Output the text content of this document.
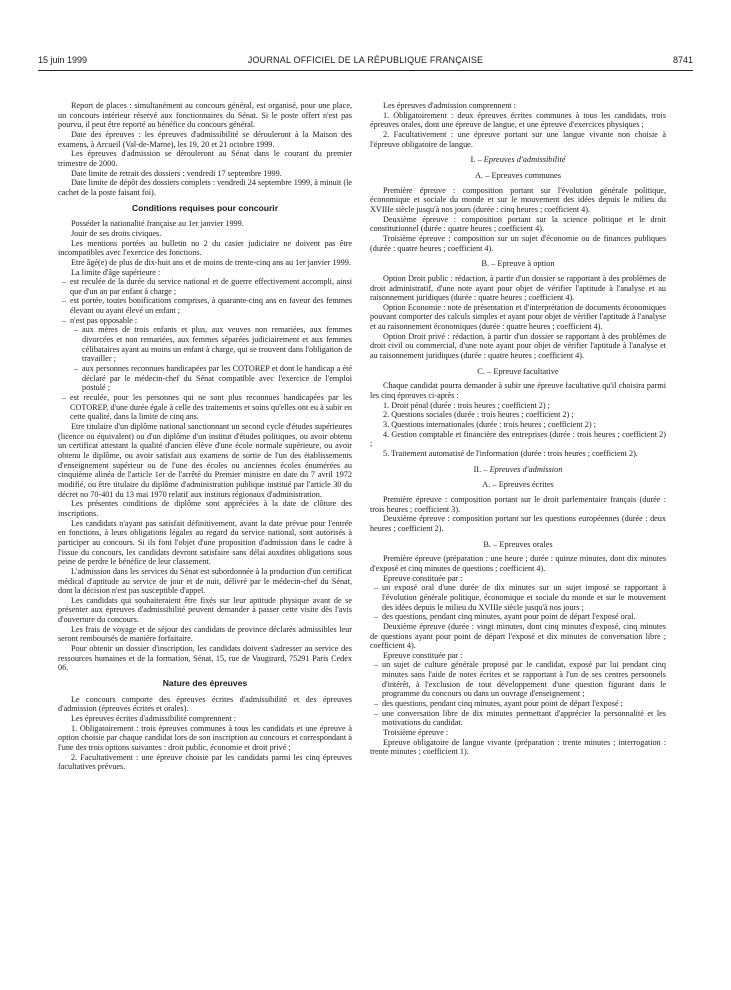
15 juin 1999	JOURNAL OFFICIEL DE LA RÉPUBLIQUE FRANÇAISE	8741

Report de places : simultanément au concours général, est organisé, pour une place, un concours intérieur réservé aux fonctionnaires du Sénat. Si le poste offert n'est pas pourvu, il peut être reporté au bénéfice du concours général.

Date des épreuves : les épreuves d'admissibilité se dérouleront à la Maison des examens, à Arcueil (Val-de-Marne), les 19, 20 et 21 octobre 1999.

Les épreuves d'admission se dérouleront au Sénat dans le courant du premier trimestre de 2000.

Date limite de retrait des dossiers : vendredi 17 septembre 1999.

Date limite de dépôt des dossiers complets : vendredi 24 septembre 1999, à minuit (le cachet de la poste faisant foi).

Conditions requises pour concourir

Posséder la nationalité française au 1er janvier 1999.

Jouir de ses droits civiques.

Les mentions portées au bulletin no 2 du casier judiciaire ne doivent pas être incompatibles avec l'exercice des fonctions.

Etre âgé(e) de plus de dix-huit ans et de moins de trente-cinq ans au 1er janvier 1999.

La limite d'âge supérieure :

– est reculée de la durée du service national et de guerre effectivement accompli, ainsi que d'un an par enfant à charge ;
– est portée, toutes bonifications comprises, à quarante-cinq ans en faveur des femmes élevant ou ayant élevé un enfant ;
– n'est pas opposable :
– aux mères de trois enfants et plus, aux veuves non remariées, aux femmes divorcées et non remariées, aux femmes séparées judiciairement et aux femmes célibataires ayant au moins un enfant à charge, qui se trouvent dans l'obligation de travailler ;
– aux personnes reconnues handicapées par les COTOREP et dont le handicap a été déclaré par le médecin-chef du Sénat compatible avec l'exercice de l'emploi postulé ;
– est reculée, pour les personnes qui ne sont plus reconnues handicapées par les COTOREP, d'une durée égale à celle des traitements et soins qu'elles ont eu à subir en cette qualité, dans la limite de cinq ans.

Etre titulaire d'un diplôme national sanctionnant un second cycle d'études supérieures (licence ou équivalent) ou d'un diplôme d'un institut d'études politiques, ou avoir obtenu un certificat attestant la qualité d'ancien élève d'une école normale supérieure, ou avoir obtenu le diplôme, ou avoir satisfait aux examens de sortie de l'un des établissements d'enseignement supérieur ou de l'une des écoles ou anciennes écoles énumérées au cinquième alinéa de l'article 1er de l'arrêté du Premier ministre en date du 7 avril 1972 modifié, ou être titulaire du diplôme d'administration publique institué par l'article 30 du décret no 70-401 du 13 mai 1970 relatif aux instituts régionaux d'administration.

Les présentes conditions de diplôme sont appréciées à la date de clôture des inscriptions.

Les candidats n'ayant pas satisfait définitivement, avant la date prévue pour l'entrée en fonctions, à leurs obligations légales au regard du service national, sont autorisés à participer au concours. Si ils font l'objet d'une proposition d'admission dans le cadre à l'issue du concours, les candidats devront satisfaire sans délai auxdites obligations sous peine de perdre le bénéfice de leur classement.

L'admission dans les services du Sénat est subordonnée à la production d'un certificat médical d'aptitude au service de jour et de nuit, délivré par le médecin-chef du Sénat, dont la décision n'est pas susceptible d'appel.

Les candidats qui souhaiteraient être fixés sur leur aptitude physique avant de se présenter aux épreuves d'admissibilité peuvent demander à passer cette visite dès l'avis d'ouverture du concours.

Les frais de voyage et de séjour des candidats de province déclarés admissibles leur seront remboursés de manière forfaitaire.

Pour obtenir un dossier d'inscription, les candidats doivent s'adresser au service des ressources humaines et de la formation, Sénat, 15, rue de Vaugirard, 75291 Paris Cedex 06.

Nature des épreuves

Le concours comporte des épreuves écrites d'admissibilité et des épreuves d'admission (épreuves écrites et orales).

Les épreuves écrites d'admissibilité comprennent :

1. Obligatoirement : trois épreuves communes à tous les candidats et une épreuve à option choisie par chaque candidat lors de son inscription au concours et correspondant à l'une des trois options suivantes : droit public, économie et droit privé ;

2. Facultativement : une épreuve choisie par les candidats parmi les cinq épreuves facultatives prévues.

Les épreuves d'admission comprennent :

1. Obligatoirement : deux épreuves écrites communes à tous les candidats, trois épreuves orales, dont une épreuve de langue, et une épreuve d'exercices physiques ;

2. Facultativement : une épreuve portant sur une langue vivante non choisie à l'épreuve obligatoire de langue.

I. – Epreuves d'admissibilité
A. – Epreuves communes

Première épreuve : composition portant sur l'évolution générale politique, économique et sociale du monde et sur le mouvement des idées depuis le milieu du XVIIIe siècle jusqu'à nos jours (durée : cinq heures ; coefficient 4).

Deuxième épreuve : composition portant sur la science politique et le droit constitutionnel (durée : quatre heures ; coefficient 4).

Troisième épreuve : composition sur un sujet d'économie ou de finances publiques (durée : quatre heures ; coefficient 4).

B. – Epreuve à option

Option Droit public : rédaction, à partir d'un dossier se rapportant à des problèmes de droit administratif, d'une note ayant pour objet de vérifier l'aptitude à l'analyse et au raisonnement juridiques (durée : quatre heures ; coefficient 4).

Option Economie : note de présentation et d'interprétation de documents économiques pouvant comporter des calculs simples et ayant pour objet de vérifier l'aptitude à l'analyse et au raisonnement économiques (durée : quatre heures ; coefficient 4).

Option Droit privé : rédaction, à partir d'un dossier se rapportant à des problèmes de droit civil ou commercial, d'une note ayant pour objet de vérifier l'aptitude à l'analyse et au raisonnement juridiques (durée : quatre heures ; coefficient 4).

C. – Epreuve facultative

Chaque candidat pourra demander à subir une épreuve facultative qu'il choisira parmi les cinq épreuves ci-après :

1. Droit pénal (durée : trois heures ; coefficient 2) ;

2. Questions sociales (durée : trois heures ; coefficient 2) ;

3. Questions internationales (durée : trois heures ; coefficient 2) ;

4. Gestion comptable et financière des entreprises (durée : trois heures ; coefficient 2) ;

5. Traitement automatisé de l'information (durée : trois heures ; coefficient 2).

II. – Epreuves d'admission
A. – Epreuves écrites

Première épreuve : composition portant sur le droit parlementaire français (durée : trois heures ; coefficient 3).

Deuxième épreuve : composition portant sur les questions européennes (durée : deux heures ; coefficient 2).

B. – Epreuves orales

Première épreuve (préparation : une heure ; durée : quinze minutes, dont dix minutes d'exposé et cinq minutes de questions ; coefficient 4).

Epreuve constituée par :

– un exposé oral d'une durée de dix minutes sur un sujet imposé se rapportant à l'évolution générale politique, économique et sociale du monde et sur le mouvement des idées depuis le milieu du XVIIIe siècle jusqu'à nos jours ;
– des questions, pendant cinq minutes, ayant pour point de départ l'exposé oral.

Deuxième épreuve (durée : vingt minutes, dont cinq minutes d'exposé, cinq minutes de questions ayant pour point de départ l'exposé et dix minutes de conversation libre ; coefficient 4).

Epreuve constituée par :

– un sujet de culture générale proposé par le candidat, exposé par lui pendant cinq minutes sans l'aide de notes écrites et se rapportant à l'un de ses centres personnels d'intérêt, à l'exclusion de tout développement d'une question figurant dans le programme du concours ou dans un ouvrage d'enseignement ;
– des questions, pendant cinq minutes, ayant pour point de départ l'exposé ;
– une conversation libre de dix minutes permettant d'apprécier la personnalité et les motivations du candidat.

Troisième épreuve :

Epreuve obligatoire de langue vivante (préparation : trente minutes ; interrogation : trente minutes ; coefficient 1).
